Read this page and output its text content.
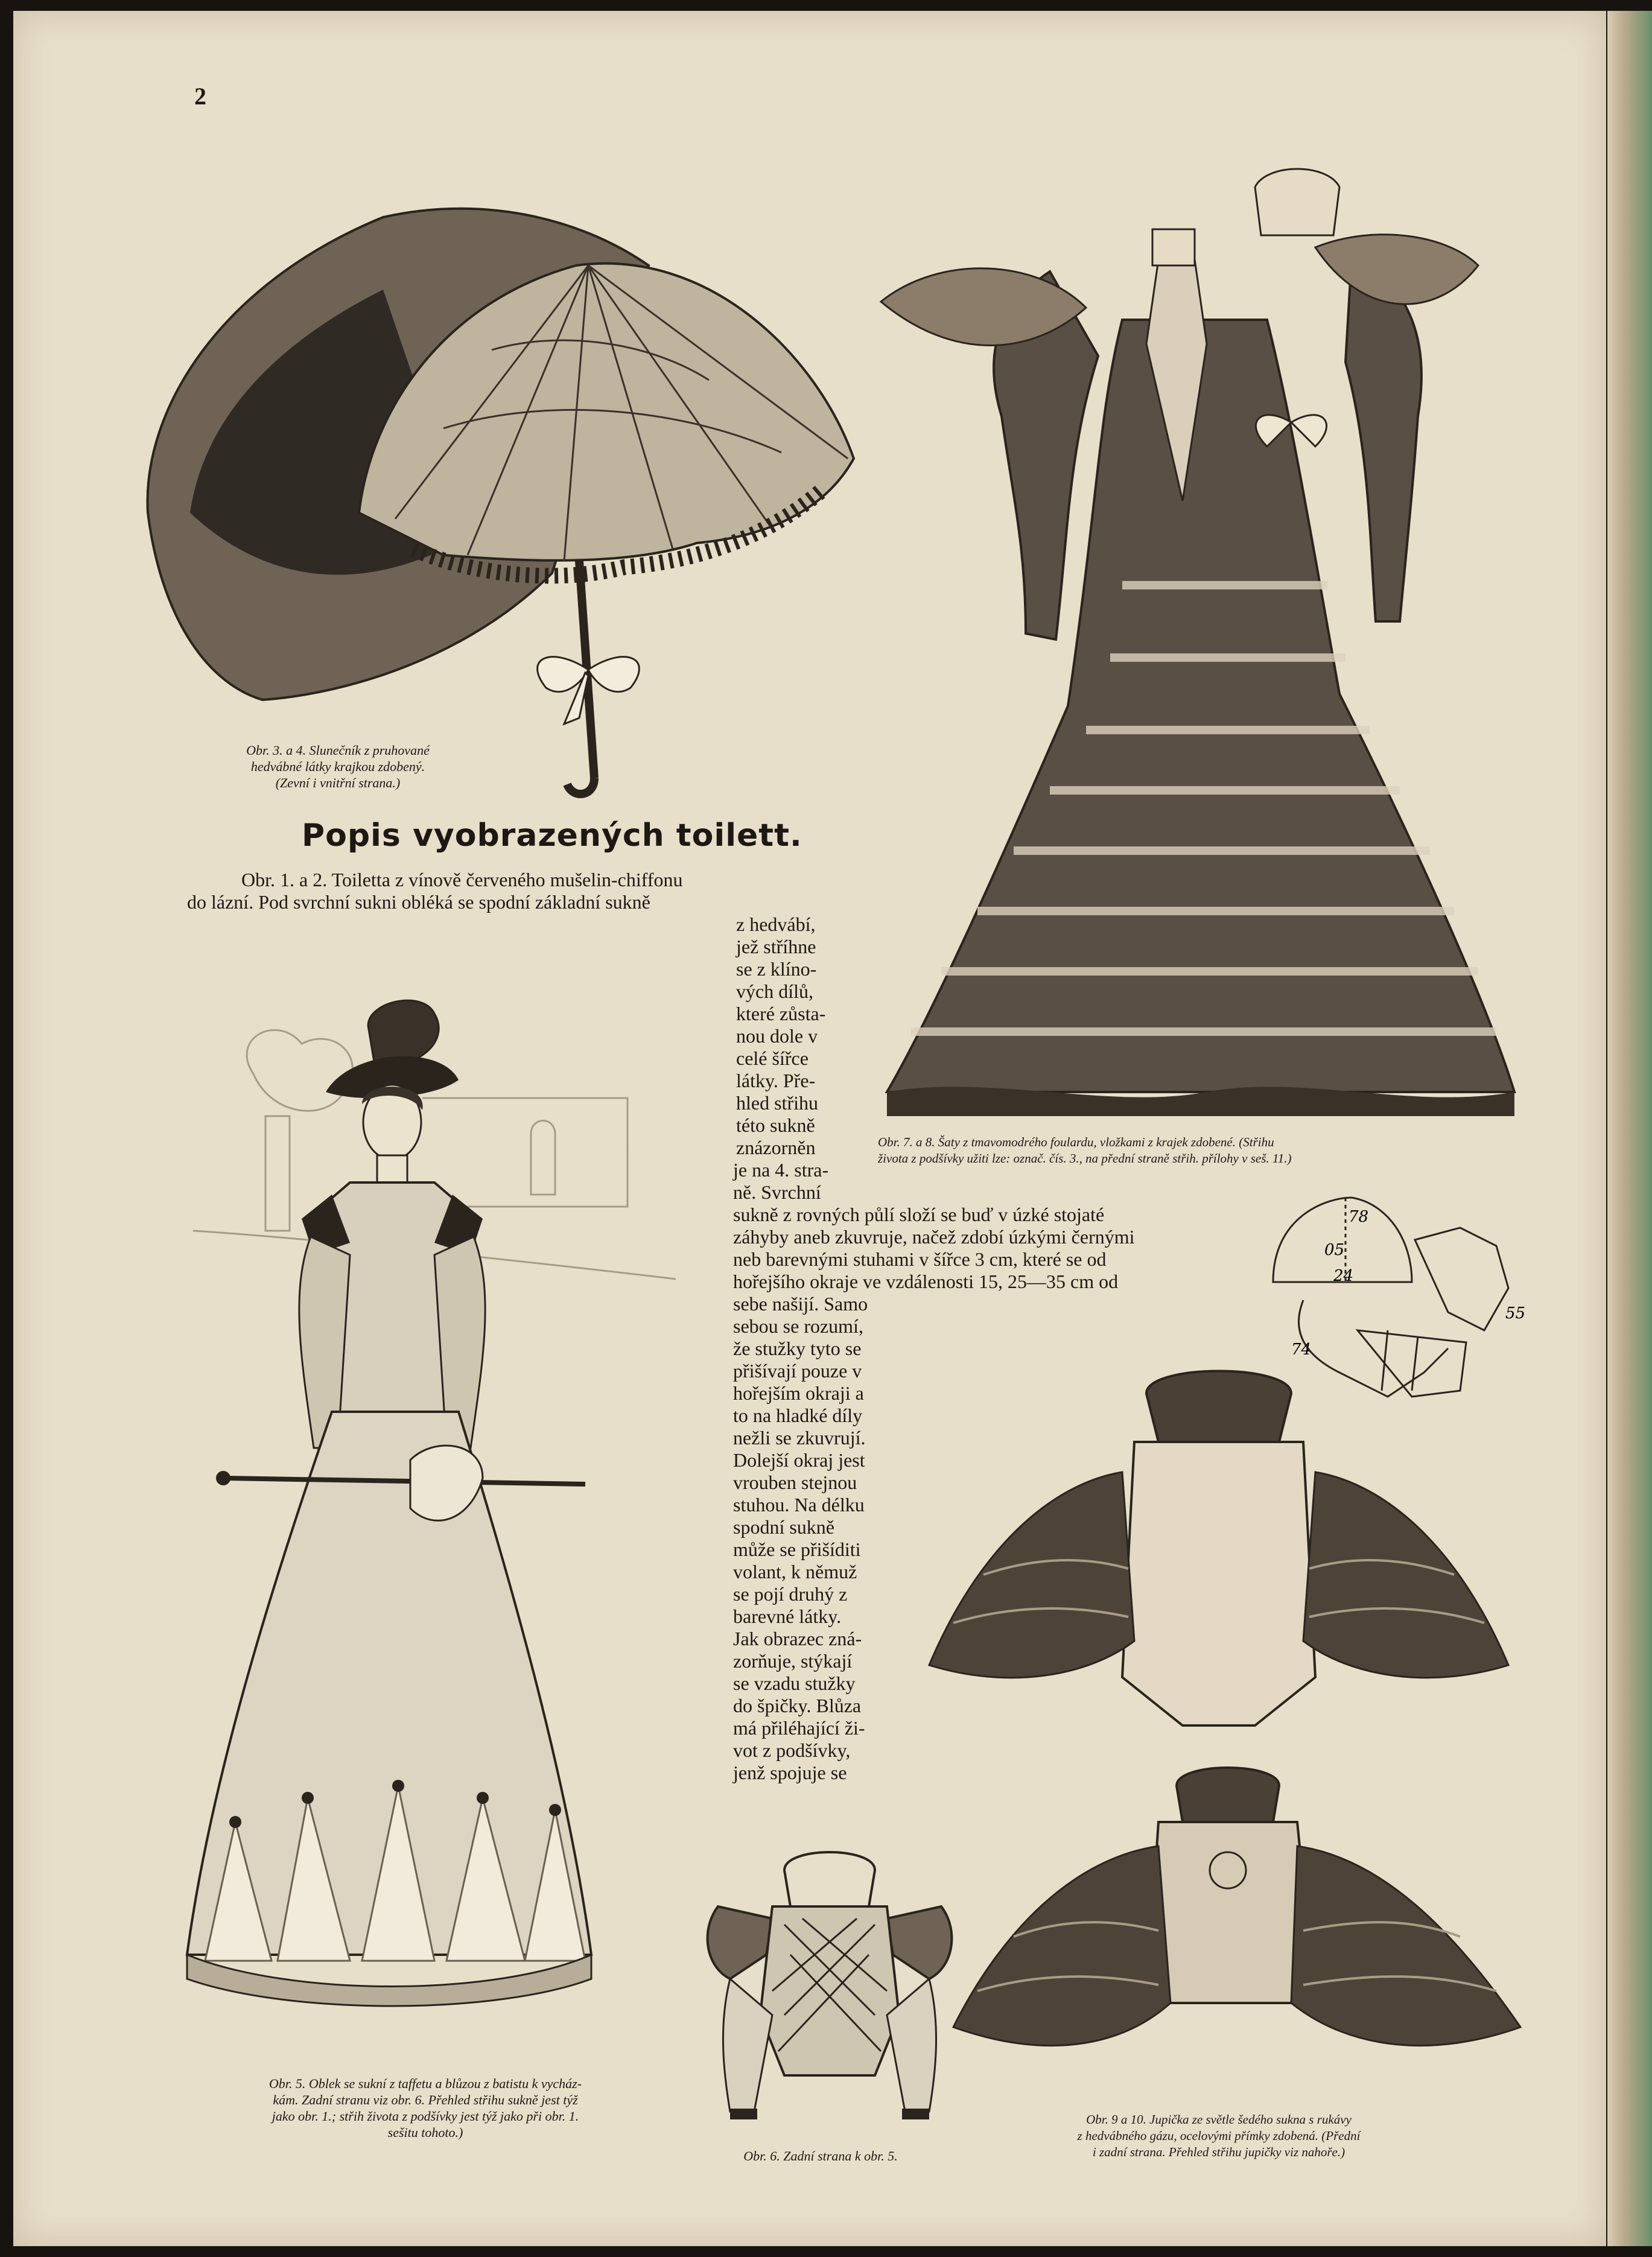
2
Obr. 3. a 4. Slunečník z pruhované
hedvábné látky krajkou zdobený.
(Zevní i vnitřní strana.)
Obr. 7. a 8. Šaty z tmavomodrého foulardu, vložkami z krajek zdobené. (Střihu
života z podšívky užiti lze: označ. čís. 3., na přední straně střih. přílohy v seš. 11.)
Popis vyobrazených toilett.
Obr. 1. a 2. Toiletta z vínově červeného mušelin-chiffonu
do lázní. Pod svrchní sukni obléká se spodní základní sukně
z hedvábí,
jež stříhne
se z klíno-
vých dílů,
které zůsta-
nou dole v
celé šířce
látky. Pře-
hled střihu
této sukně
znázorněn
je na 4. stra-
ně. Svrchní
sukně z rovných půlí složí se buď v úzké stojaté
záhyby aneb zkuvruje, načež zdobí úzkými černými
neb barevnými stuhami v šířce 3 cm, které se od
hořejšího okraje ve vzdálenosti 15, 25—35 cm od
sebe našijí. Samo
sebou se rozumí,
že stužky tyto se
přišívají pouze v
hořejším okraji a
to na hladké díly
nežli se zkuvrují.
Dolejší okraj jest
vrouben stejnou
stuhou. Na délku
spodní sukně
může se přišíditi
volant, k němuž
se pojí druhý z
barevné látky.
Jak obrazec zná-
zorňuje, stýkají
se vzadu stužky
do špičky. Blůza
má přiléhající ži-
vot z podšívky,
jenž spojuje se
78
05
24
74
55
Obr. 5. Oblek se sukní z taffetu a blůzou z batistu k vycház-
kám. Zadní stranu viz obr. 6. Přehled střihu sukně jest týž
jako obr. 1.; střih života z podšívky jest týž jako při obr. 1.
sešitu tohoto.)
Obr. 6. Zadní strana k obr. 5.
Obr. 9 a 10. Jupička ze světle šedého sukna s rukávy
z hedvábného gázu, ocelovými přímky zdobená. (Přední
i zadní strana. Přehled střihu jupičky viz nahoře.)
